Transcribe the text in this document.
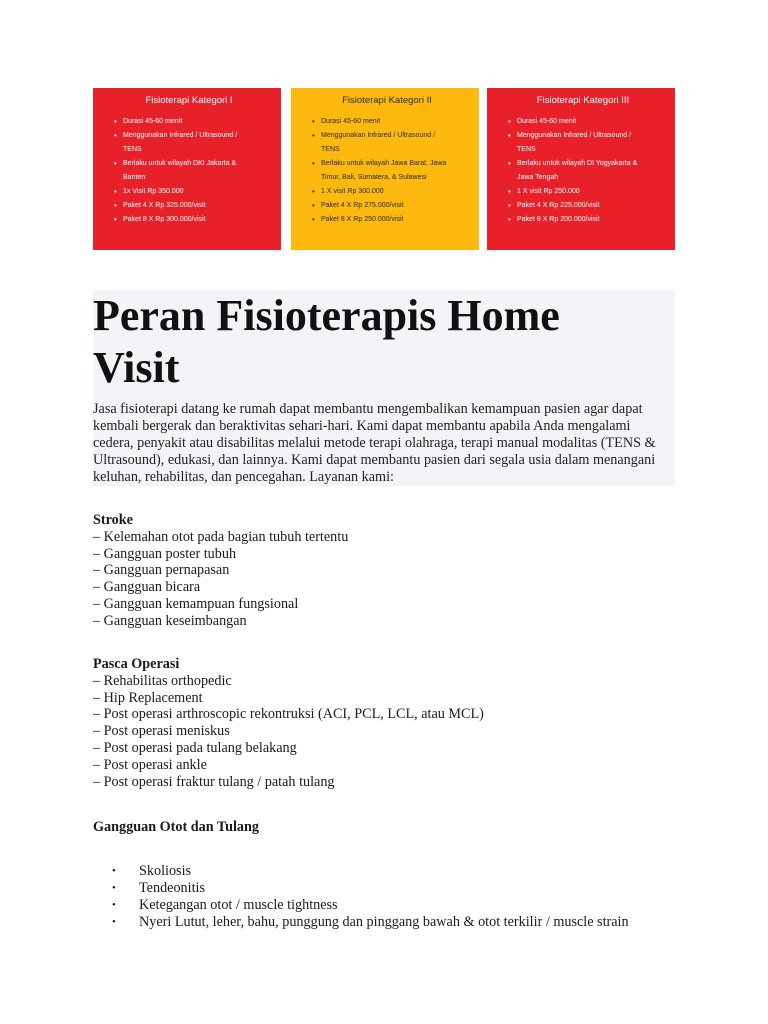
Fisioterapi Kategori I
• Durasi 45-60 menit
• Menggunakan Infrared / Ultrasound /
TENS
• Berlaku untuk wilayah DKI Jakarta &
Banten
• 1x Visit Rp 350.000
• Paket 4 X Rp 325.000/visit
• Paket 8 X Rp 300.000/visit
Fisioterapi Kategori II
• Durasi 45-60 menit
• Menggunakan Infrared / Ultrasound /
TENS
• Berlaku untuk wilayah Jawa Barat, Jawa
Timur, Bali, Sumatera, & Sulawesi
• 1 X visit Rp 300.000
• Paket 4 X Rp 275.000/visit
• Paket 8 X Rp 250.000/visit
Fisioterapi Kategori III
• Durasi 45-60 menit
• Menggunakan Infrared / Ultrasound /
TENS
• Berlaku untuk wilayah DI Yogyakarta &
Jawa Tengah
• 1 X visit Rp 250.000
• Paket 4 X Rp 225.000/visit
• Paket 8 X Rp 200.000/visit
Peran Fisioterapis Home Visit

Jasa fisioterapi datang ke rumah dapat membantu mengembalikan kemampuan pasien agar dapat kembali bergerak dan beraktivitas sehari-hari. Kami dapat membantu apabila Anda mengalami cedera, penyakit atau disabilitas melalui metode terapi olahraga, terapi manual modalitas (TENS & Ultrasound), edukasi, dan lainnya. Kami dapat membantu pasien dari segala usia dalam menangani keluhan, rehabilitas, dan pencegahan. Layanan kami:

Stroke
– Kelemahan otot pada bagian tubuh tertentu
– Gangguan poster tubuh
– Gangguan pernapasan
– Gangguan bicara
– Gangguan kemampuan fungsional
– Gangguan keseimbangan
Pasca Operasi
– Rehabilitas orthopedic
– Hip Replacement
– Post operasi arthroscopic rekontruksi (ACI, PCL, LCL, atau MCL)
– Post operasi meniskus
– Post operasi pada tulang belakang
– Post operasi ankle
– Post operasi fraktur tulang / patah tulang
Gangguan Otot dan Tulang
• Skoliosis
• Tendeonitis
• Ketegangan otot / muscle tightness
• Nyeri Lutut, leher, bahu, punggung dan pinggang bawah & otot terkilir / muscle strain
